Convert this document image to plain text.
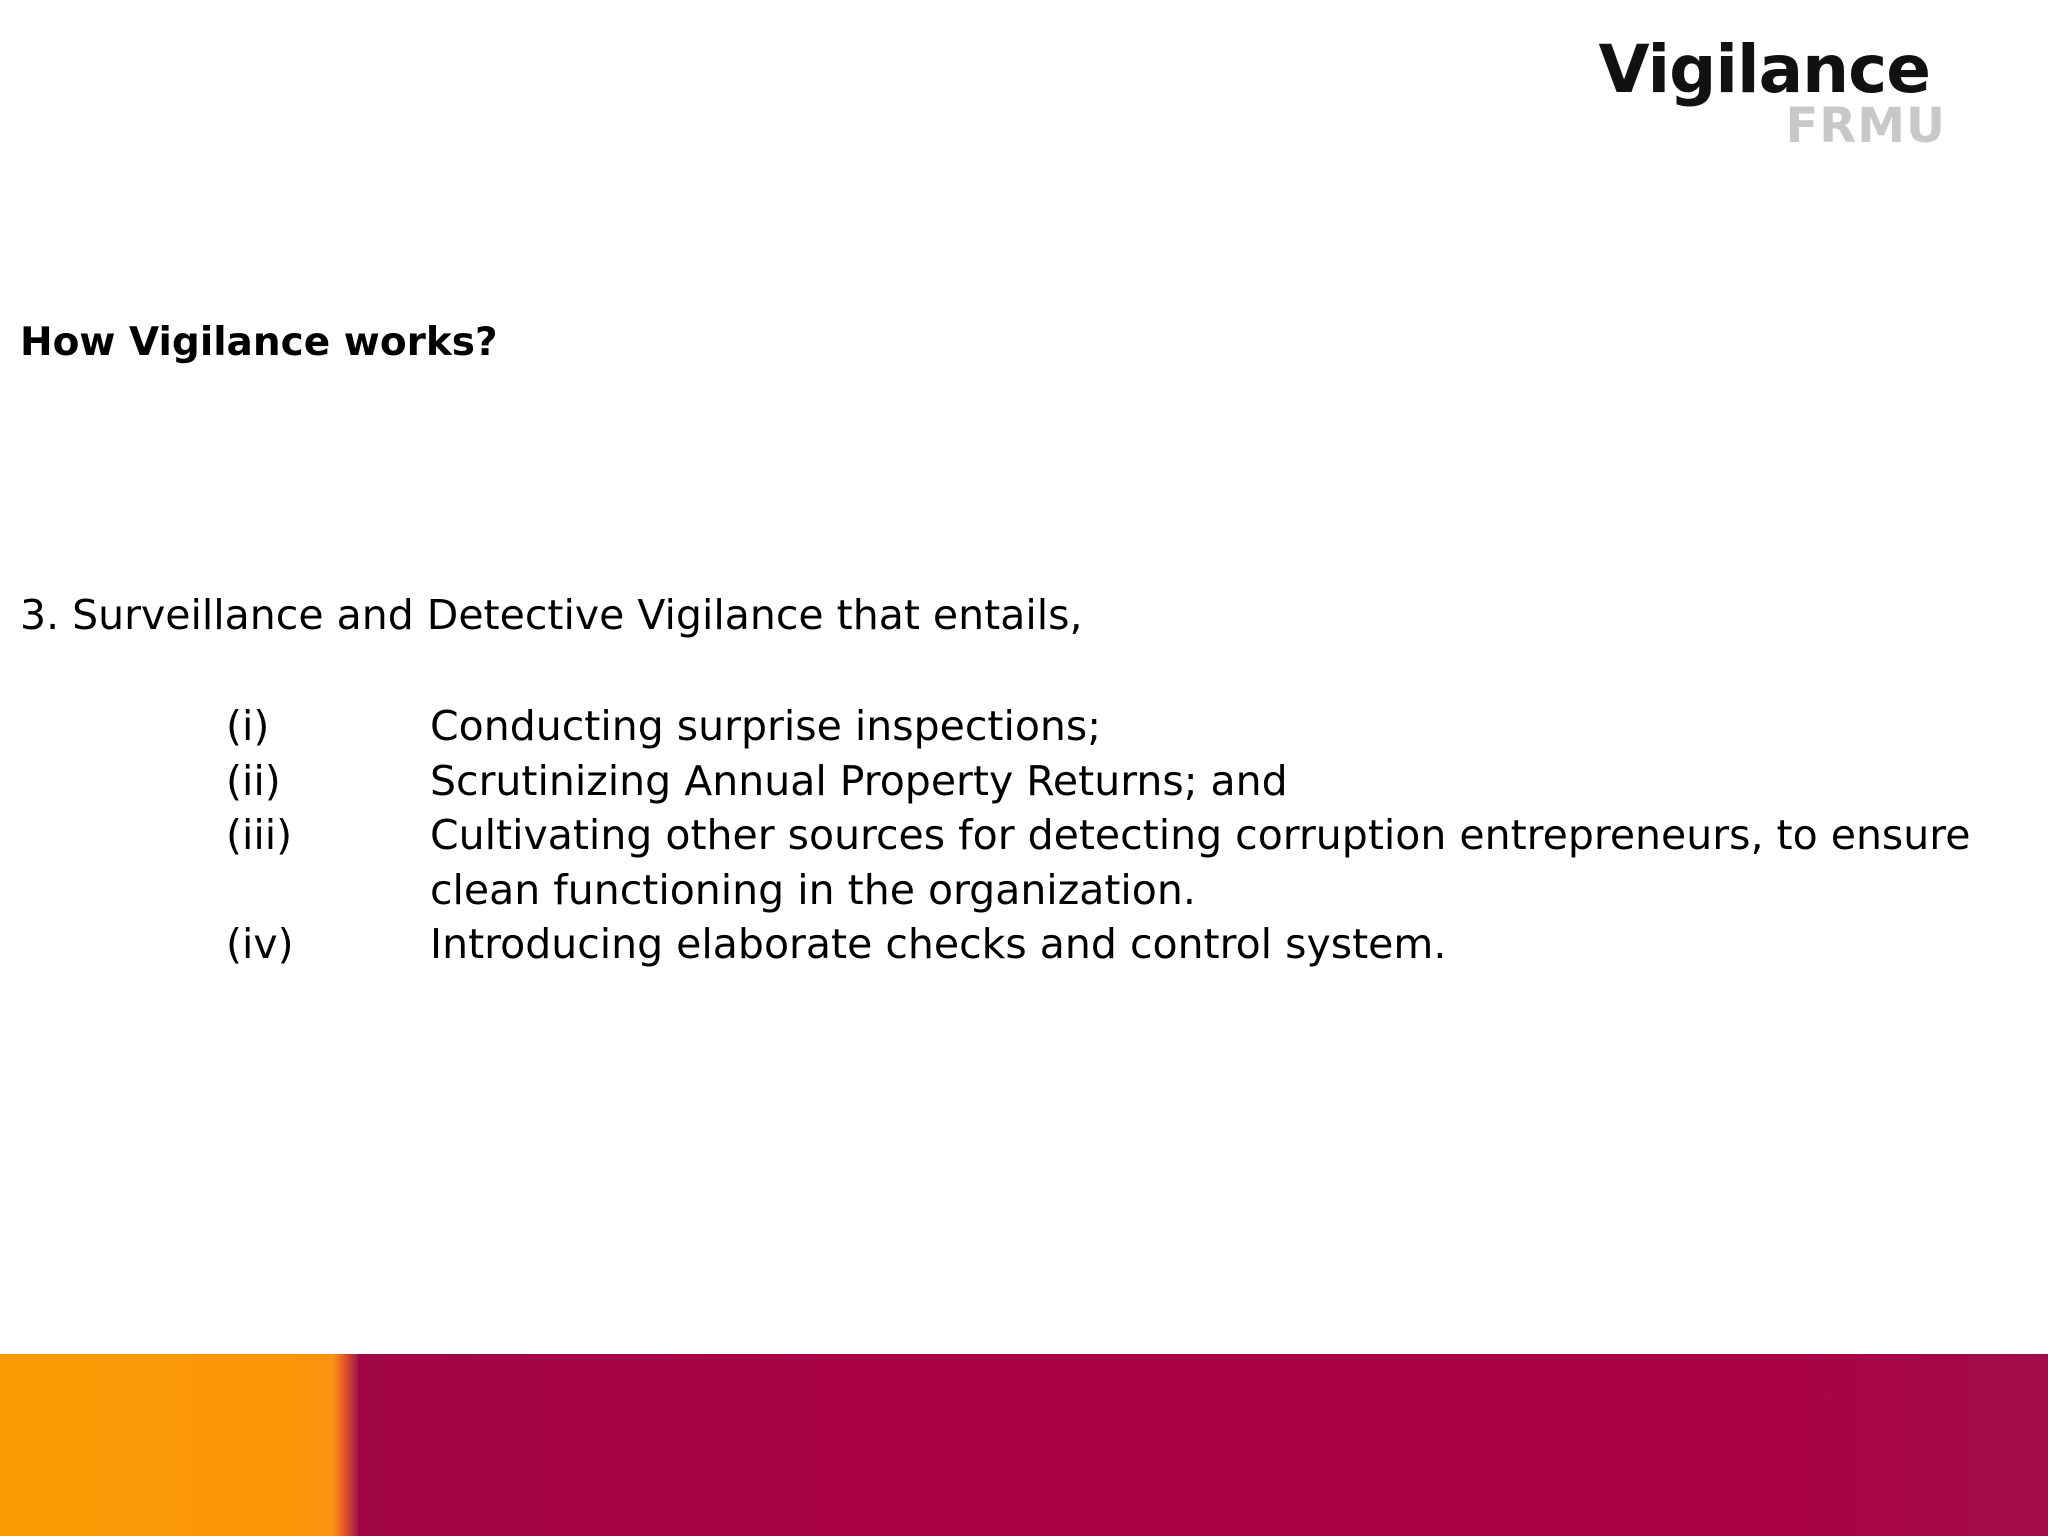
Vigilance
FRMU
How Vigilance works?
3. Surveillance and Detective Vigilance that entails,
(i)	Conducting surprise inspections;
(ii)	Scrutinizing Annual Property Returns; and
(iii)	Cultivating other sources for detecting corruption entrepreneurs, to ensure clean functioning in the organization.
(iv)	Introducing elaborate checks and control system.
